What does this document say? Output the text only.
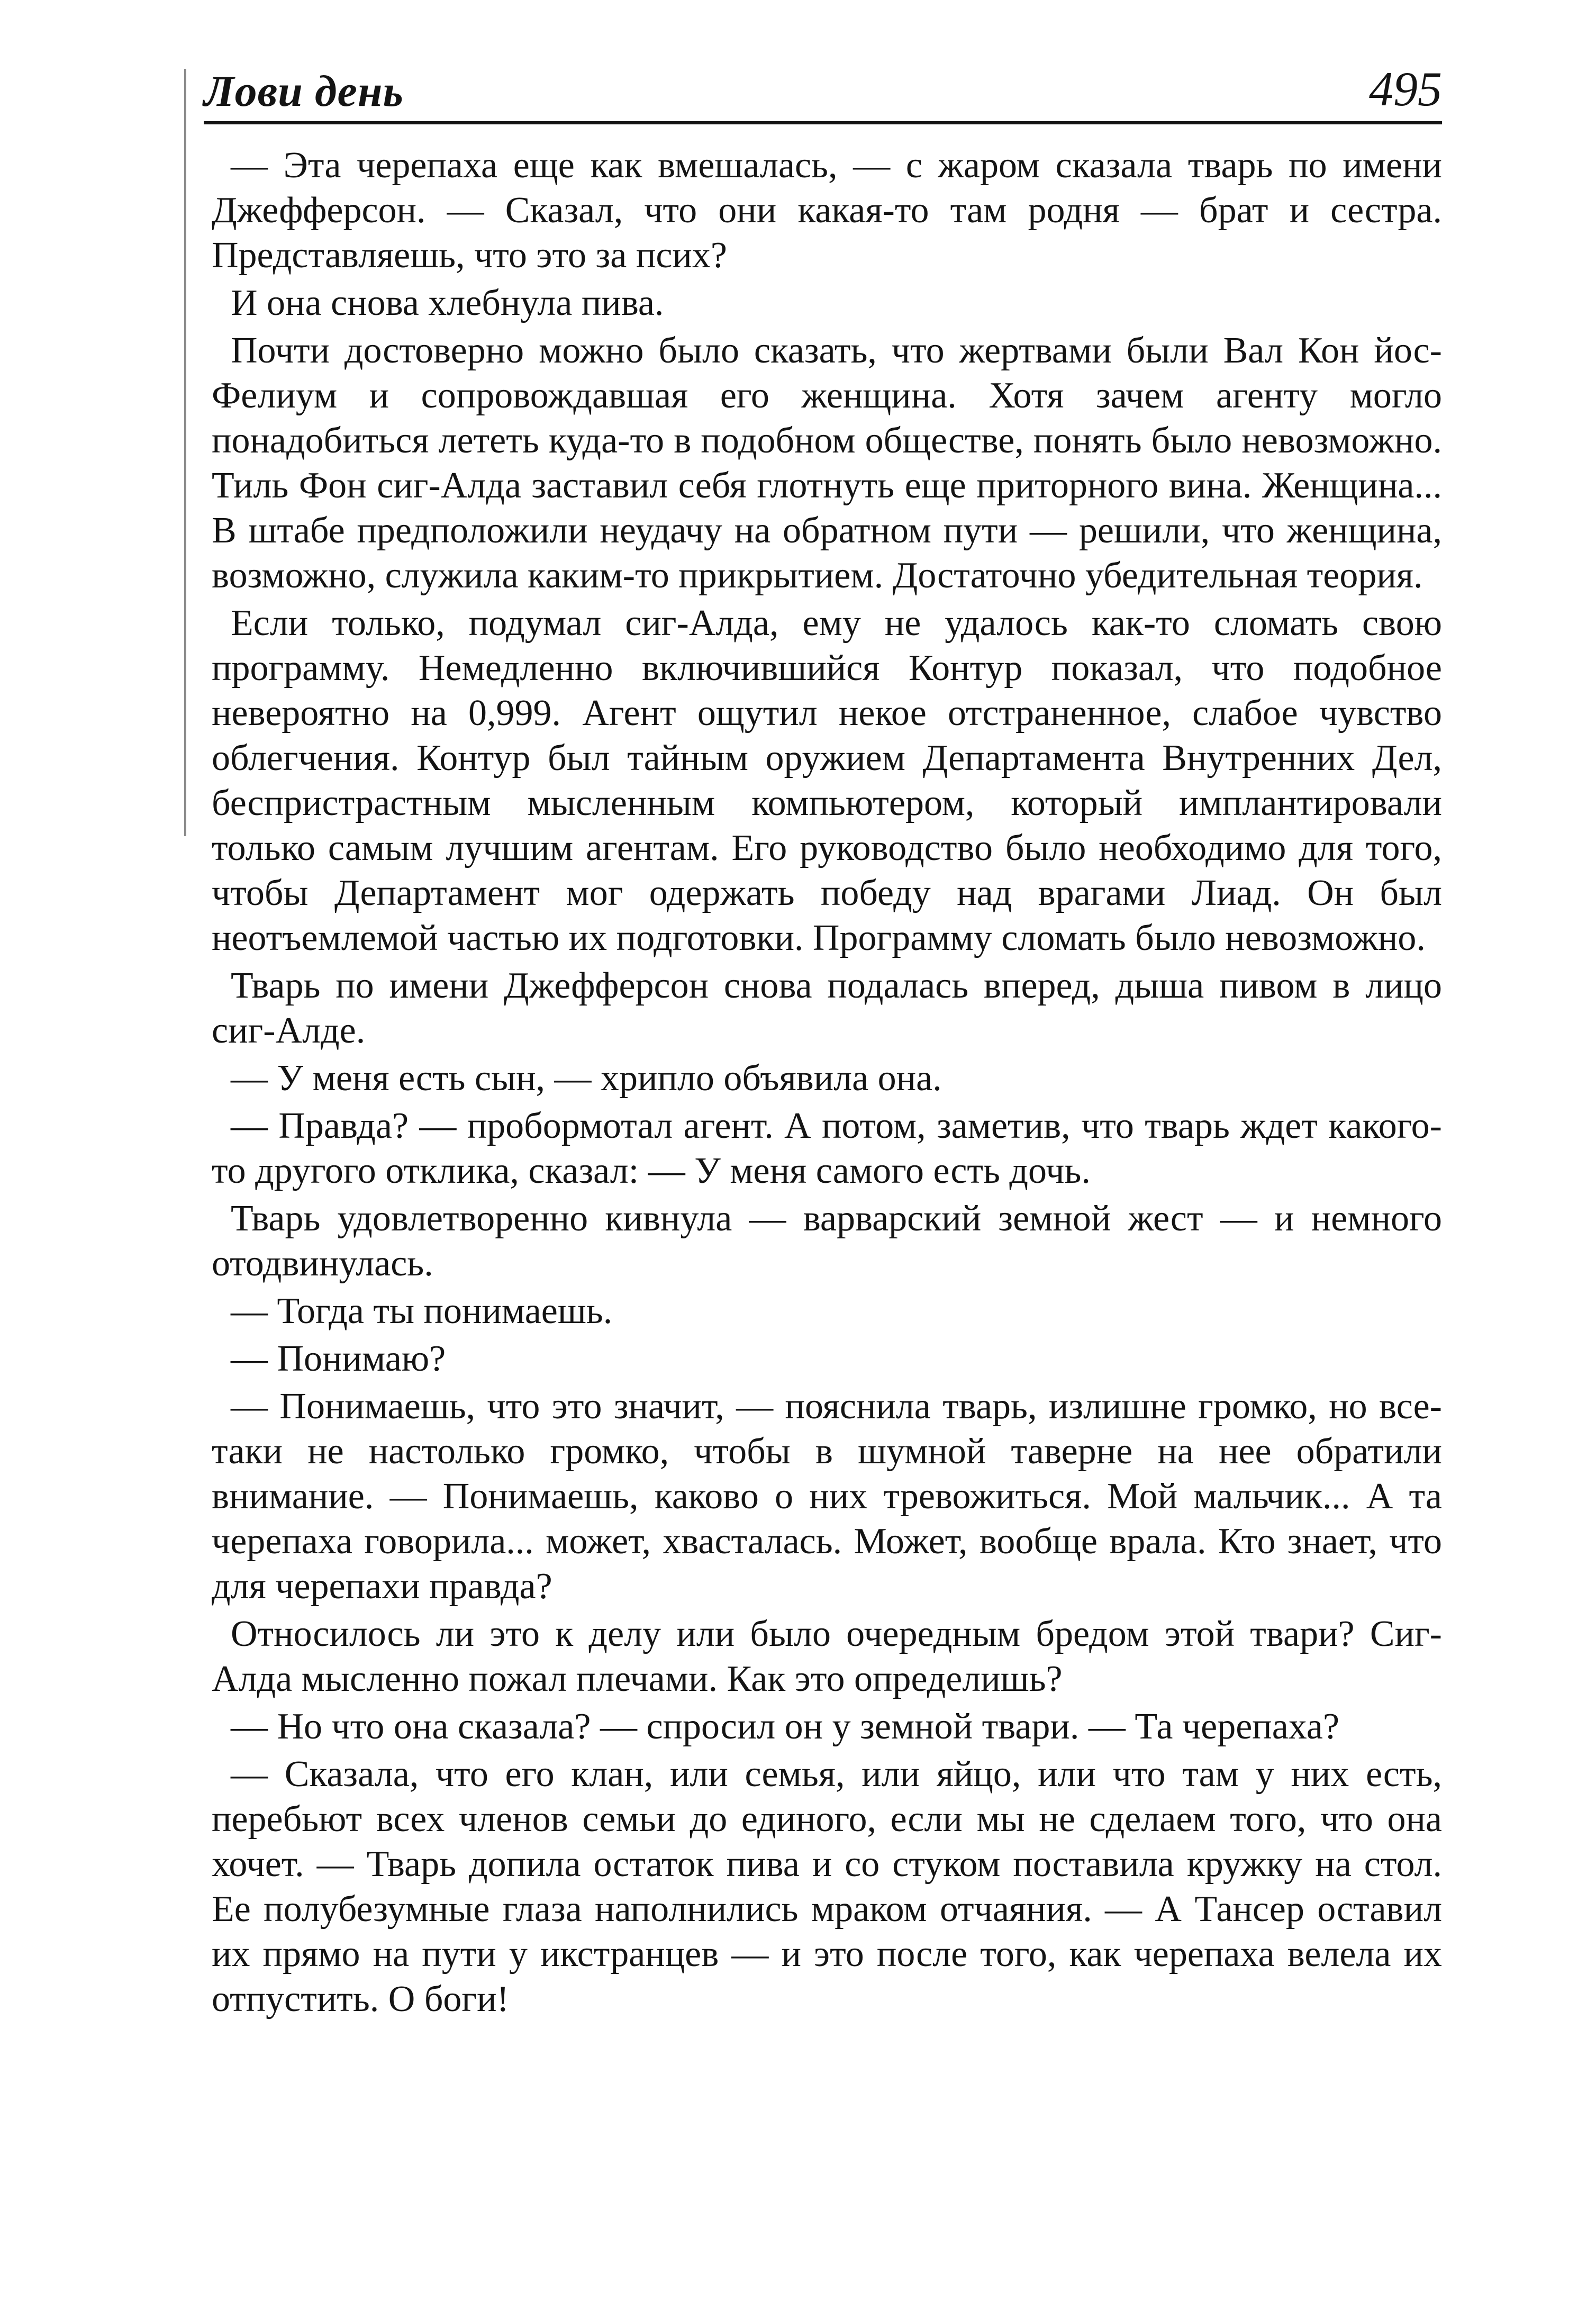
Лови день	495

— Эта черепаха еще как вмешалась, — с жаром сказала тварь по имени Джефферсон. — Сказал, что они какая-то там родня — брат и сестра. Представляешь, что это за псих?

И она снова хлебнула пива.

Почти достоверно можно было сказать, что жертвами были Вал Кон йос-Фелиум и сопровождавшая его женщина. Хотя зачем агенту могло понадобиться лететь куда-то в подобном обществе, понять было невозможно. Тиль Фон сиг-Алда заставил себя глотнуть еще приторного вина. Женщина... В штабе предположили неудачу на обратном пути — решили, что женщина, возможно, служила каким-то прикрытием. Достаточно убедительная теория.

Если только, подумал сиг-Алда, ему не удалось как-то сломать свою программу. Немедленно включившийся Контур показал, что подобное невероятно на 0,999. Агент ощутил некое отстраненное, слабое чувство облегчения. Контур был тайным оружием Департамента Внутренних Дел, беспристрастным мысленным компьютером, который имплантировали только самым лучшим агентам. Его руководство было необходимо для того, чтобы Департамент мог одержать победу над врагами Лиад. Он был неотъемлемой частью их подготовки. Программу сломать было невозможно.

Тварь по имени Джефферсон снова подалась вперед, дыша пивом в лицо сиг-Алде.

— У меня есть сын, — хрипло объявила она.

— Правда? — пробормотал агент. А потом, заметив, что тварь ждет какого-то другого отклика, сказал: — У меня самого есть дочь.

Тварь удовлетворенно кивнула — варварский земной жест — и немного отодвинулась.

— Тогда ты понимаешь.

— Понимаю?

— Понимаешь, что это значит, — пояснила тварь, излишне громко, но все-таки не настолько громко, чтобы в шумной таверне на нее обратили внимание. — Понимаешь, каково о них тревожиться. Мой мальчик... А та черепаха говорила... может, хвасталась. Может, вообще врала. Кто знает, что для черепахи правда?

Относилось ли это к делу или было очередным бредом этой твари? Сиг-Алда мысленно пожал плечами. Как это определишь?

— Но что она сказала? — спросил он у земной твари. — Та черепаха?

— Сказала, что его клан, или семья, или яйцо, или что там у них есть, перебьют всех членов семьи до единого, если мы не сделаем того, что она хочет. — Тварь допила остаток пива и со стуком поставила кружку на стол. Ее полубезумные глаза наполнились мраком отчаяния. — А Тансер оставил их прямо на пути у икстранцев — и это после того, как черепаха велела их отпустить. О боги!
